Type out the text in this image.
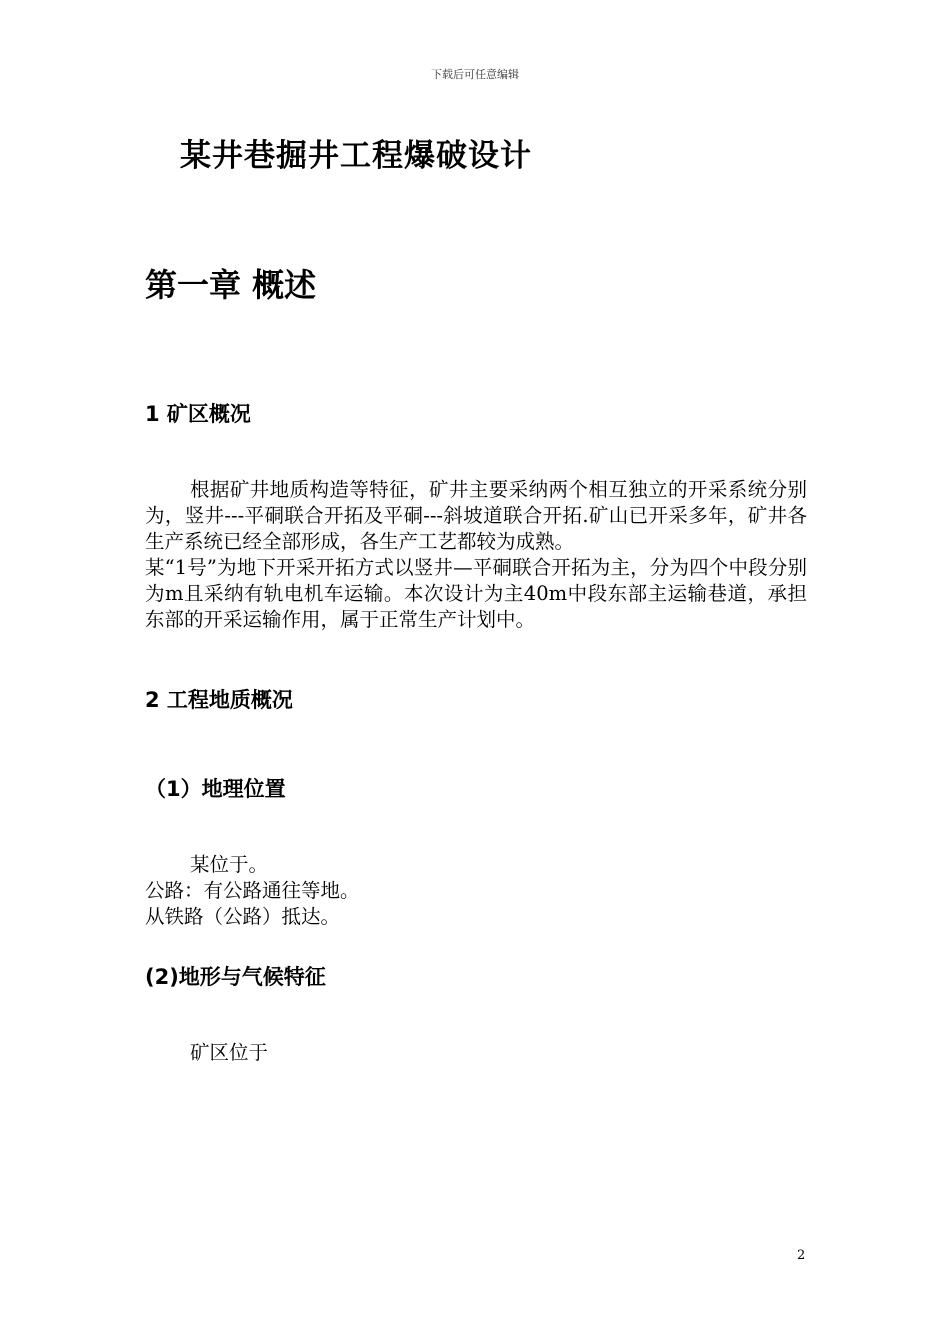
下载后可任意编辑
某井巷掘井工程爆破设计
第一章 概述
1 矿区概况

根据矿井地质构造等特征，矿井主要采纳两个相互独立的开采系统分别为，竖井---平硐联合开拓及平硐---斜坡道联合开拓.矿山已开采多年，矿井各生产系统已经全部形成，各生产工艺都较为成熟。

某“1号”为地下开采开拓方式以竖井—平硐联合开拓为主，分为四个中段分别为m且采纳有轨电机车运输。本次设计为主40m中段东部主运输巷道，承担东部的开采运输作用，属于正常生产计划中。

2 工程地质概况
（1）地理位置

某位于。

公路：有公路通往等地。

从铁路（公路）抵达。

(2)地形与气候特征

矿区位于

2
